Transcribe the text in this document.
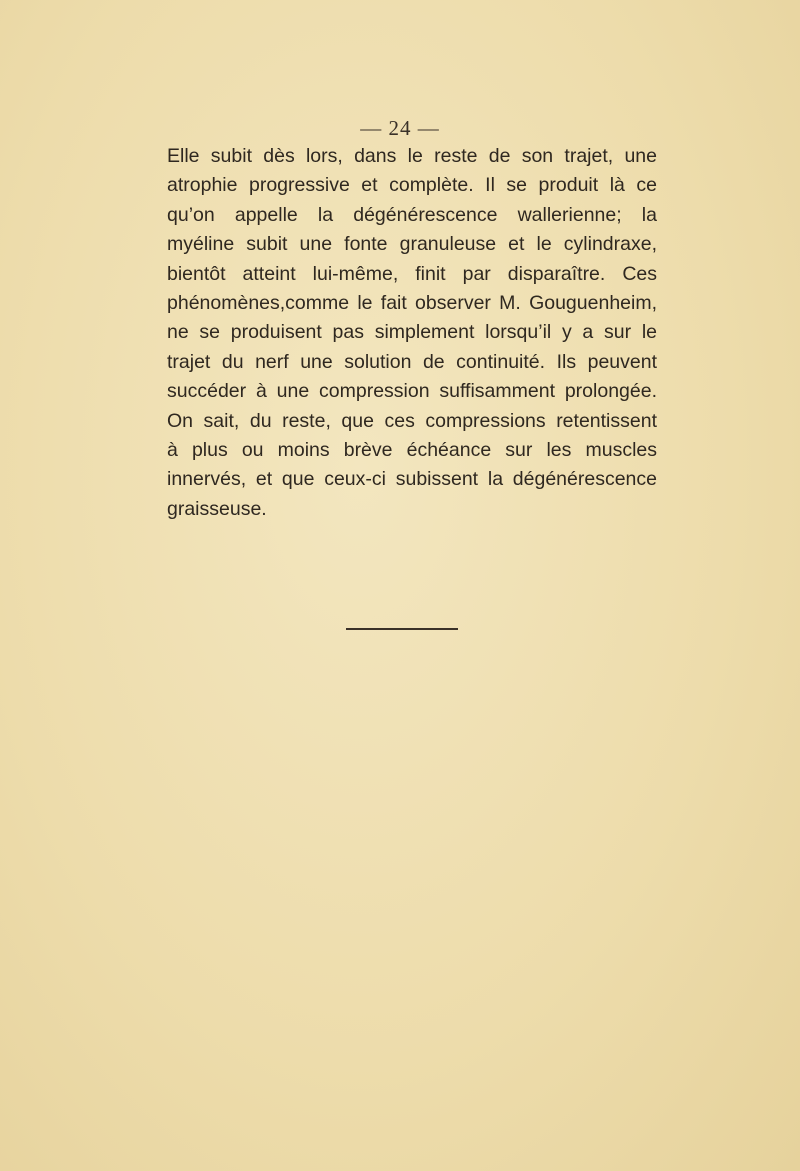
— 24 —
Elle subit dès lors, dans le reste de son trajet, une
atrophie progressive et complète. Il se produit là ce
qu’on appelle la dégénérescence wallerienne; la
myéline subit une fonte granuleuse et le cylindraxe,
bientôt atteint lui-même, finit par disparaître. Ces
phénomènes,comme le fait observer M. Gouguenheim,
ne se produisent pas simplement lorsqu’il y a sur le
trajet du nerf une solution de continuité. Ils peuvent
succéder à une compression suffisamment prolongée.
On sait, du reste, que ces compressions retentissent
à plus ou moins brève échéance sur les muscles
innervés, et que ceux-ci subissent la dégénérescence
graisseuse.
